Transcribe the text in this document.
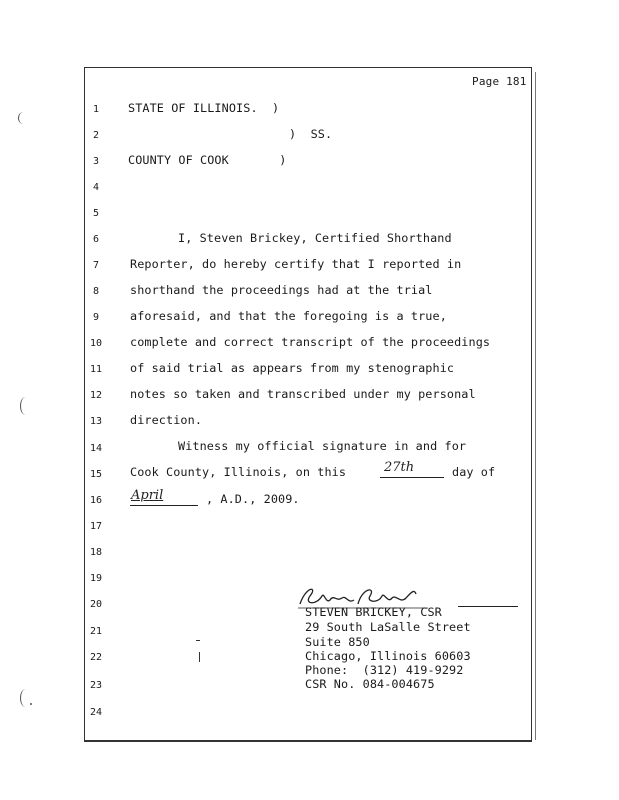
Page 181
1
2
3
4
5
6
7
8
9
10
11
12
13
14
15
16
17
18
19
20
21
22
23
24
STATE OF ILLINOIS.  )
)  SS.
COUNTY OF COOK       )
I, Steven Brickey, Certified Shorthand
Reporter, do hereby certify that I reported in
shorthand the proceedings had at the trial
aforesaid, and that the foregoing is a true,
complete and correct transcript of the proceedings
of said trial as appears from my stenographic
notes so taken and transcribed under my personal
direction.
Witness my official signature in and for
Cook County, Illinois, on this	27th	day of
April	, A.D., 2009.
STEVEN BRICKEY, CSR
29 South LaSalle Street
Suite 850
Chicago, Illinois 60603
Phone:  (312) 419-9292
CSR No. 084-004675
